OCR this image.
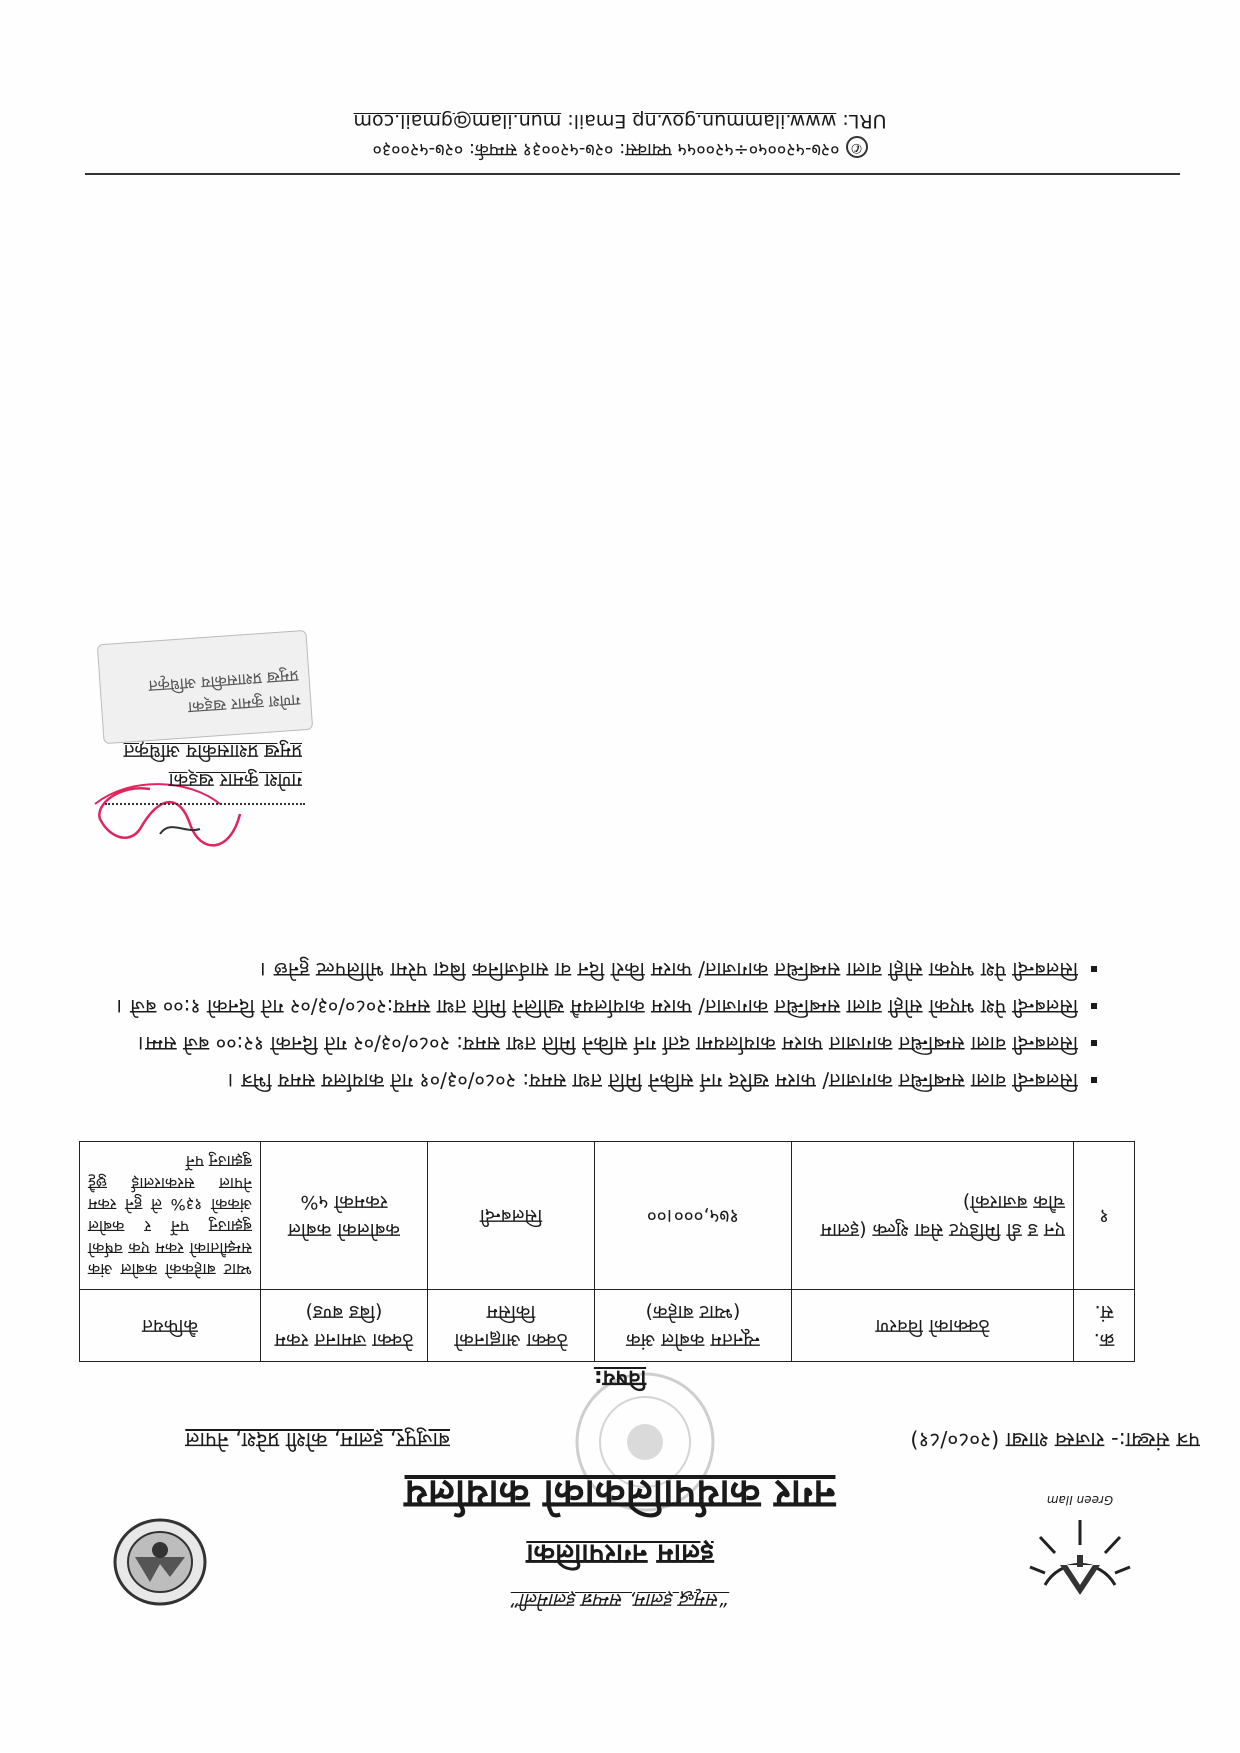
Green Ilam
“समृद्ध इलाम, सम्पन्न इलामेली”
इलाम नगरपालिका
नगर कार्यपालिकाको कार्यालय
पत्र संख्या:- राजस्व शाखा (२०८०/८१)
बाजुपुर, इलाम, कोशी प्रदेश, नेपाल
विषय:
क्र. सं.	ठेक्काको विवरण	न्यूनतम कबोल अंक (भ्याट बाहेक)	ठेक्का आह्वानको किसिम	ठेक्का जमानत रकम (बिड बण्ड)	कैफियत
१	एन ड डी मिडिएट सेवा शुल्क (इलाम चौक बजारको)	१७५,०००।००	सिलबन्दी	कबोलको कबोल रकमको ५%	भ्याट बाहेकको कबोल अंक सम्झौताको रकम एक वर्षको बुझाउनु पर्ने र कबोल अंकको १३% ले हुने रकम नेपाल सरकारलाई छुट्टै बुझाउनु पर्ने
▪ सिलबन्दी वाला सम्बन्धित कागजात/ फारम खरिद गर्न सकिने मिति तथा समय: २०८०/०३/०१ गते कार्यालय समय भित्र ।
▪ सिलबन्दी वाला सम्बन्धित कागजात फारम कार्यालयमा दर्ता गर्न सकिने मिति तथा समय: २०८०/०३/०२ गते दिनको १२:०० बजे सम्म।
▪ सिलबन्दी पेश भएको सोही वाला सम्बन्धित कागजात/ फारम कार्यालयमै खोलिने मिति तथा समय:२०८०/०३/०२ गते दिनको १:०० बजे ।
▪ सिलबन्दी पेश भएका सोही वाला सम्बन्धित कागजात/ फारम किरो दिन वा सार्वजनिक बिदा परेमा भोलिपल्ट हुनेछ ।
गणेश कुमार खड्का
प्रमुख प्रशासकीय अधिकृत
गणेश कुमार खड्का
प्रमुख प्रशासकीय अधिकृत
✆०२७-५२००५०÷५२००५५ फ्याक्स: ०२७-५२००३१ सम्पर्क: ०२७-५२००३०
URL: www.ilammun.gov.np Email: mun.ilam@gmail.com
